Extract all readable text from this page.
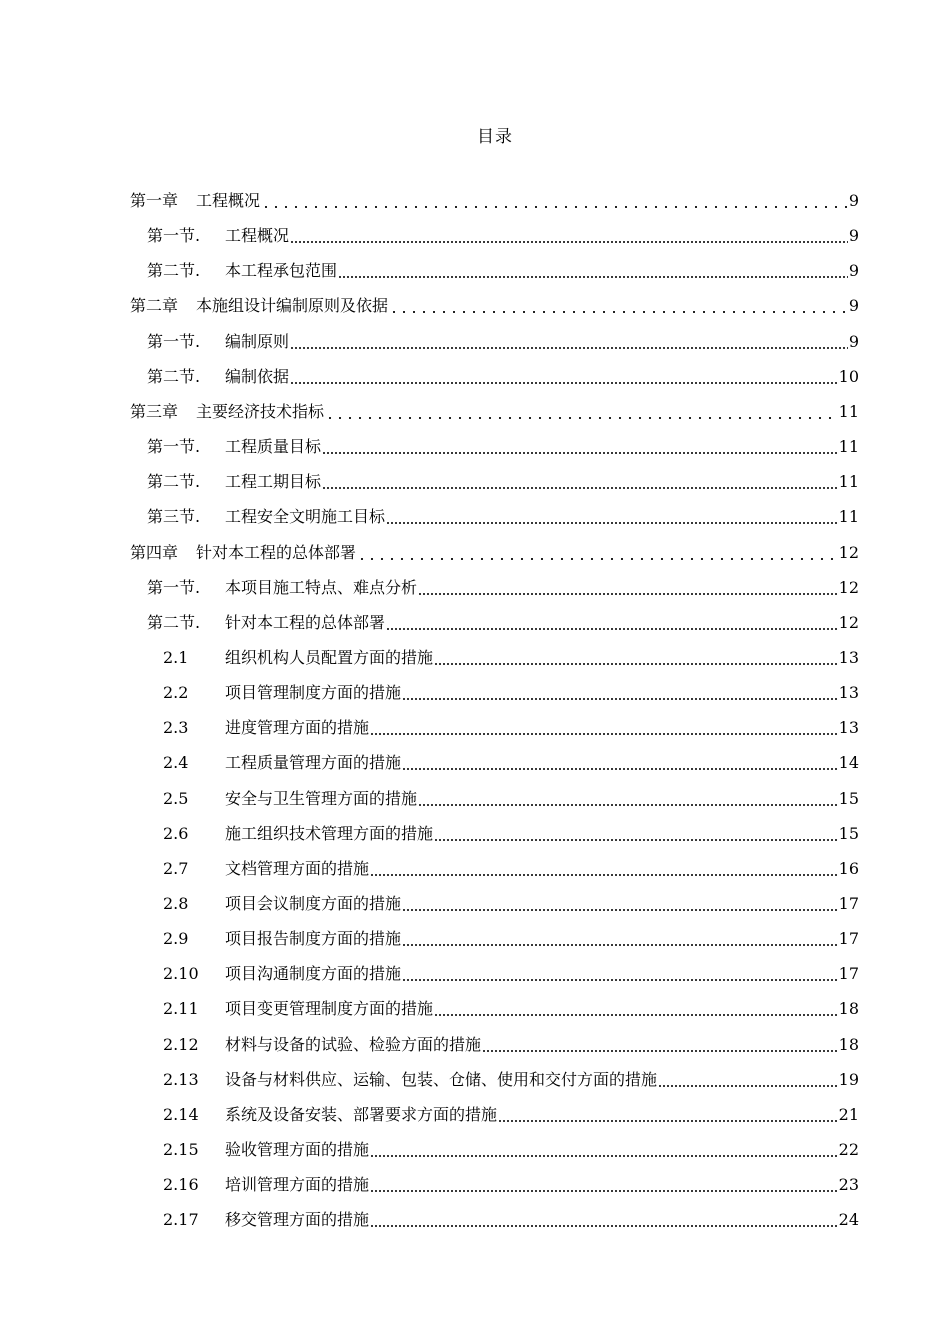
目录
第一章	工程概况	9
第一节.	工程概况	9
第二节.	本工程承包范围	9
第二章	本施组设计编制原则及依据	9
第一节.	编制原则	9
第二节.	编制依据	10
第三章	主要经济技术指标	11
第一节.	工程质量目标	11
第二节.	工程工期目标	11
第三节.	工程安全文明施工目标	11
第四章	针对本工程的总体部署	12
第一节.	本项目施工特点、难点分析	12
第二节.	针对本工程的总体部署	12
2.1	组织机构人员配置方面的措施	13
2.2	项目管理制度方面的措施	13
2.3	进度管理方面的措施	13
2.4	工程质量管理方面的措施	14
2.5	安全与卫生管理方面的措施	15
2.6	施工组织技术管理方面的措施	15
2.7	文档管理方面的措施	16
2.8	项目会议制度方面的措施	17
2.9	项目报告制度方面的措施	17
2.10	项目沟通制度方面的措施	17
2.11	项目变更管理制度方面的措施	18
2.12	材料与设备的试验、检验方面的措施	18
2.13	设备与材料供应、运输、包装、仓储、使用和交付方面的措施	19
2.14	系统及设备安装、部署要求方面的措施	21
2.15	验收管理方面的措施	22
2.16	培训管理方面的措施	23
2.17	移交管理方面的措施	24
